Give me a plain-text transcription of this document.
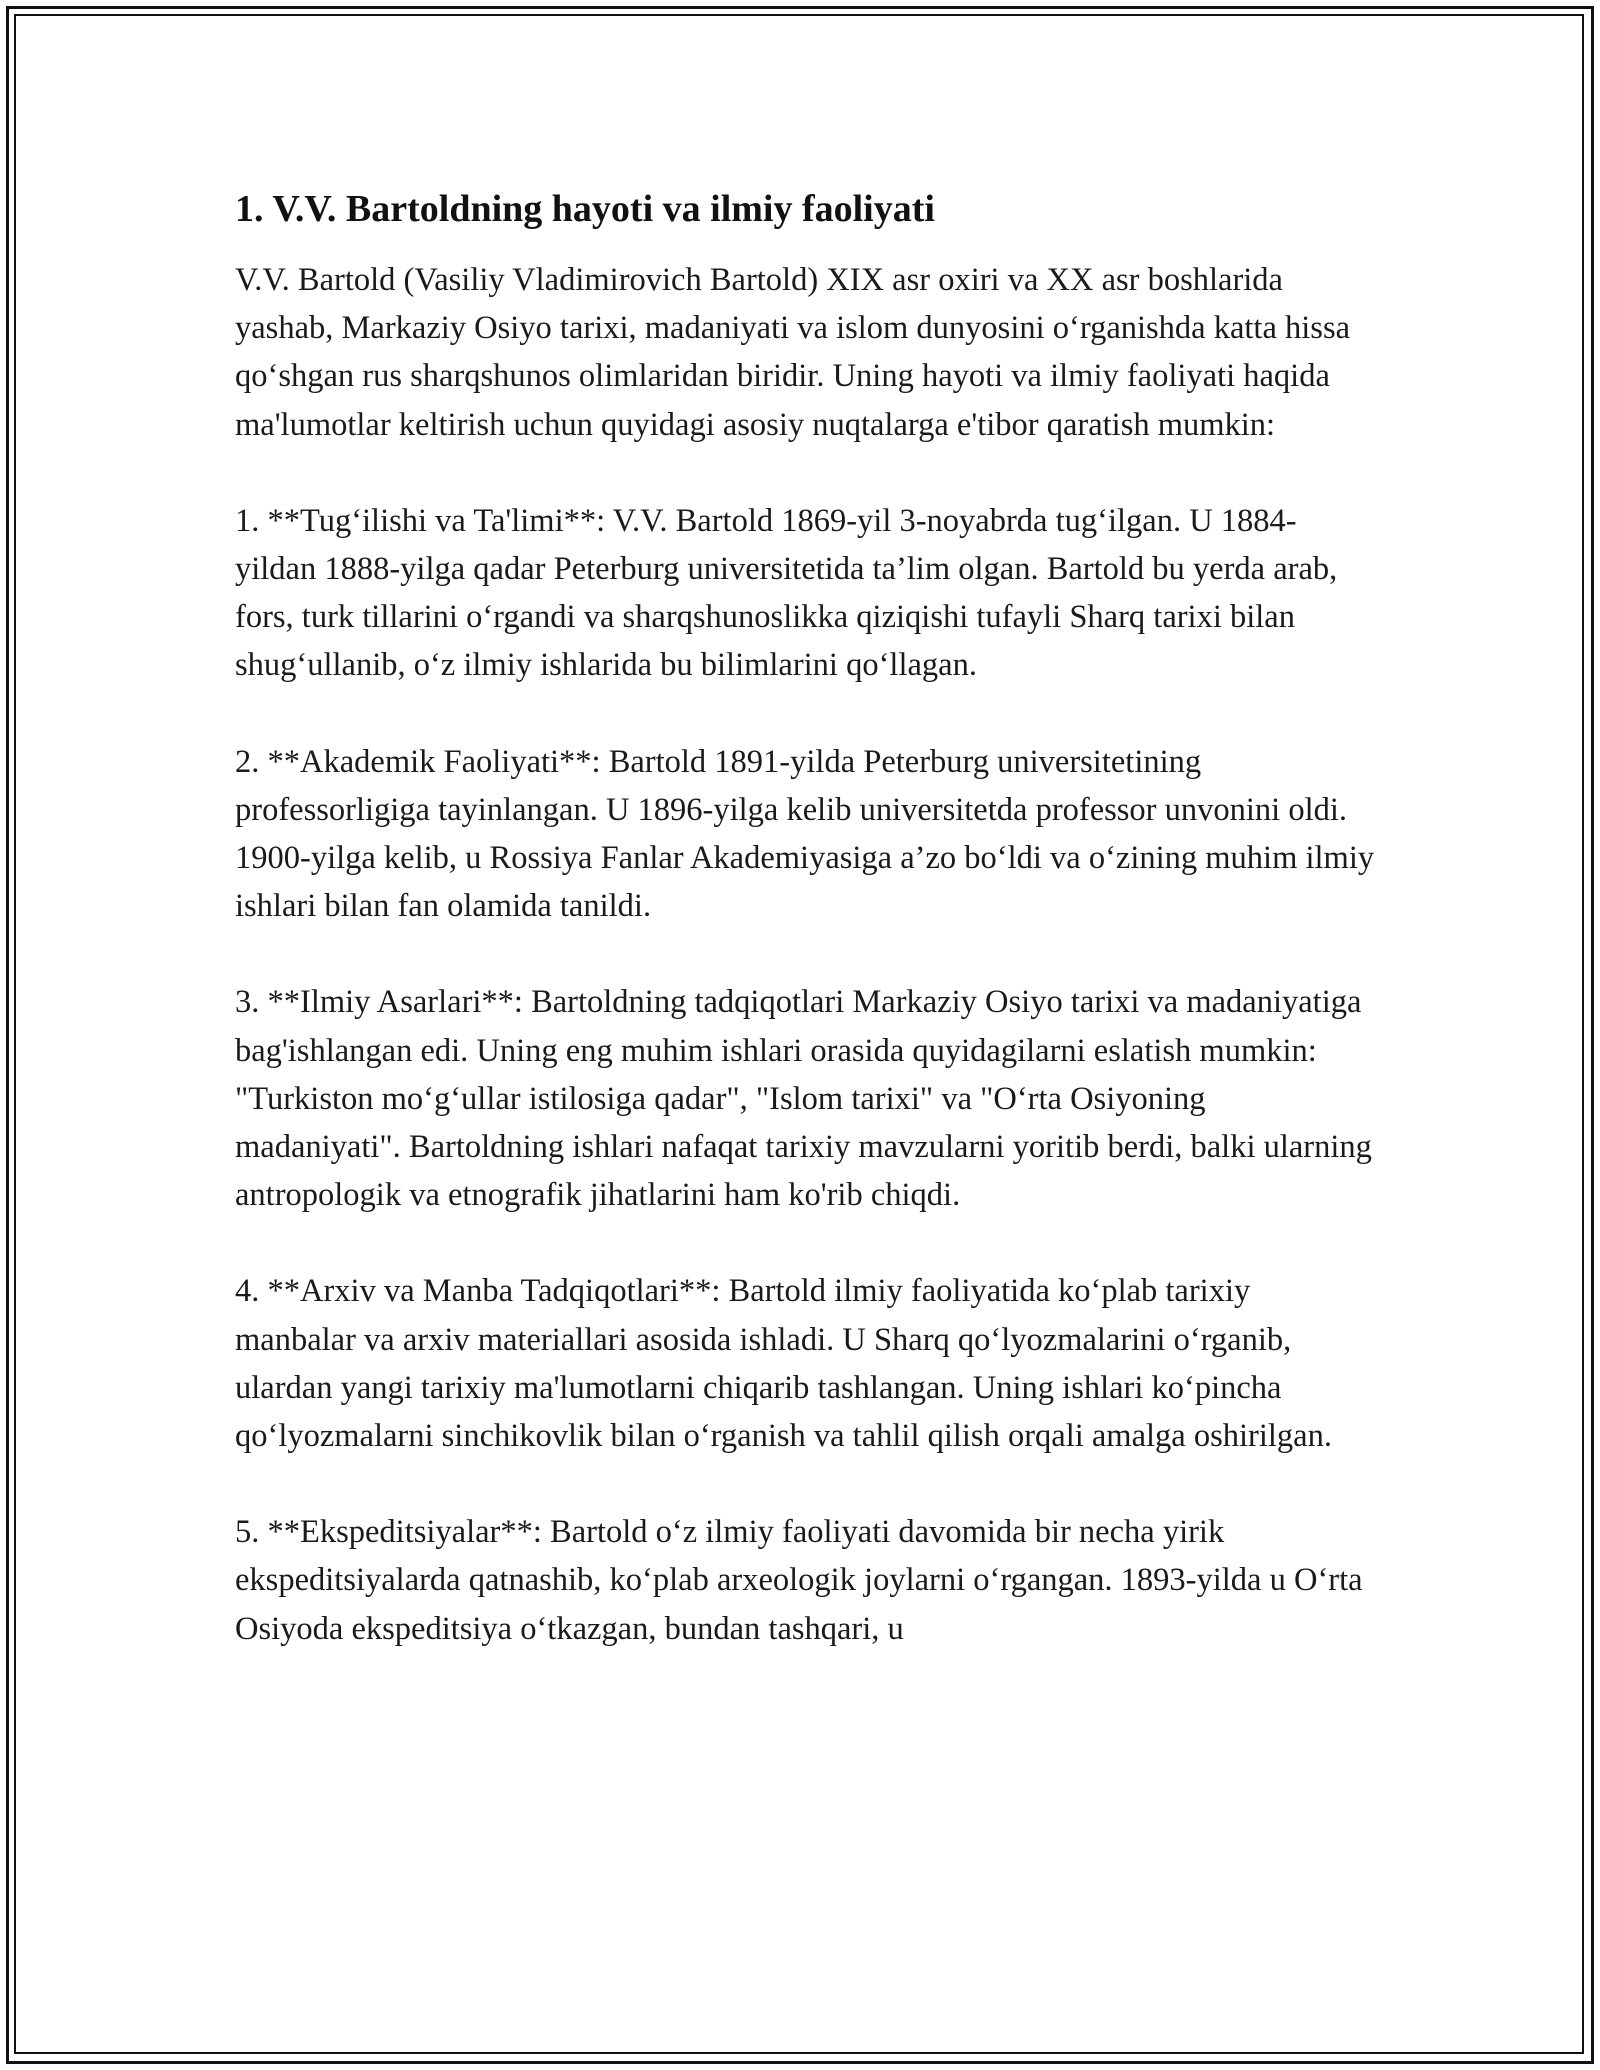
1. V.V. Bartoldning hayoti va ilmiy faoliyati

V.V. Bartold (Vasiliy Vladimirovich Bartold) XIX asr oxiri va XX asr boshlarida yashab, Markaziy Osiyo tarixi, madaniyati va islom dunyosini o‘rganishda katta hissa qo‘shgan rus sharqshunos olimlaridan biridir. Uning hayoti va ilmiy faoliyati haqida ma'lumotlar keltirish uchun quyidagi asosiy nuqtalarga e'tibor qaratish mumkin:

1. **Tug‘ilishi va Ta'limi**: V.V. Bartold 1869-yil 3-noyabrda tug‘ilgan. U 1884-yildan 1888-yilga qadar Peterburg universitetida ta’lim olgan. Bartold bu yerda arab, fors, turk tillarini o‘rgandi va sharqshunoslikka qiziqishi tufayli Sharq tarixi bilan shug‘ullanib, o‘z ilmiy ishlarida bu bilimlarini qo‘llagan.

2. **Akademik Faoliyati**: Bartold 1891-yilda Peterburg universitetining professorligiga tayinlangan. U 1896-yilga kelib universitetda professor unvonini oldi. 1900-yilga kelib, u Rossiya Fanlar Akademiyasiga a’zo bo‘ldi va o‘zining muhim ilmiy ishlari bilan fan olamida tanildi.

3. **Ilmiy Asarlari**: Bartoldning tadqiqotlari Markaziy Osiyo tarixi va madaniyatiga bag'ishlangan edi. Uning eng muhim ishlari orasida quyidagilarni eslatish mumkin: "Turkiston mo‘g‘ullar istilosiga qadar", "Islom tarixi" va "O‘rta Osiyoning madaniyati". Bartoldning ishlari nafaqat tarixiy mavzularni yoritib berdi, balki ularning antropologik va etnografik jihatlarini ham ko'rib chiqdi.

4. **Arxiv va Manba Tadqiqotlari**: Bartold ilmiy faoliyatida ko‘plab tarixiy manbalar va arxiv materiallari asosida ishladi. U Sharq qo‘lyozmalarini o‘rganib, ulardan yangi tarixiy ma'lumotlarni chiqarib tashlangan. Uning ishlari ko‘pincha qo‘lyozmalarni sinchikovlik bilan o‘rganish va tahlil qilish orqali amalga oshirilgan.

5. **Ekspeditsiyalar**: Bartold o‘z ilmiy faoliyati davomida bir necha yirik ekspeditsiyalarda qatnashib, ko‘plab arxeologik joylarni o‘rgangan. 1893-yilda u O‘rta Osiyoda ekspeditsiya o‘tkazgan, bundan tashqari, u
